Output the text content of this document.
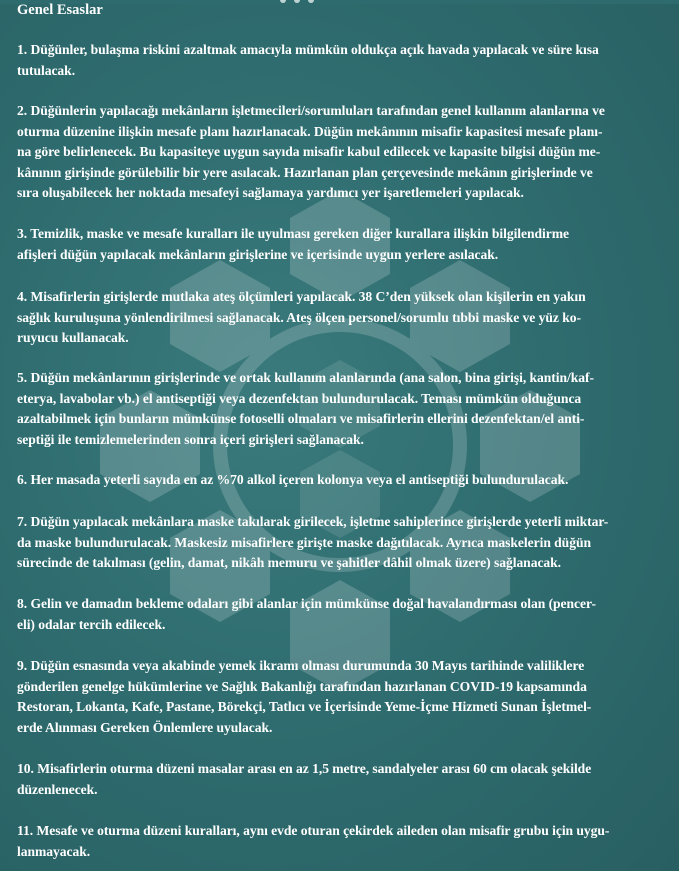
Genel Esaslar

1. Düğünler, bulaşma riskini azaltmak amacıyla mümkün oldukça açık havada yapılacak ve süre kısa
tutulacak.
2. Düğünlerin yapılacağı mekânların işletmecileri/sorumluları tarafından genel kullanım alanlarına ve
oturma düzenine ilişkin mesafe planı hazırlanacak. Düğün mekânının misafir kapasitesi mesafe planı-
na göre belirlenecek. Bu kapasiteye uygun sayıda misafir kabul edilecek ve kapasite bilgisi düğün me-
kânının girişinde görülebilir bir yere asılacak. Hazırlanan plan çerçevesinde mekânın girişlerinde ve
sıra oluşabilecek her noktada mesafeyi sağlamaya yardımcı yer işaretlemeleri yapılacak.
3. Temizlik, maske ve mesafe kuralları ile uyulması gereken diğer kurallara ilişkin bilgilendirme
afişleri düğün yapılacak mekânların girişlerine ve içerisinde uygun yerlere asılacak.
4. Misafirlerin girişlerde mutlaka ateş ölçümleri yapılacak. 38 C’den yüksek olan kişilerin en yakın
sağlık kuruluşuna yönlendirilmesi sağlanacak. Ateş ölçen personel/sorumlu tıbbi maske ve yüz ko-
ruyucu kullanacak.
5. Düğün mekânlarının girişlerinde ve ortak kullanım alanlarında (ana salon, bina girişi, kantin/kaf-
eterya, lavabolar vb.) el antiseptiği veya dezenfektan bulundurulacak. Teması mümkün olduğunca
azaltabilmek için bunların mümkünse fotoselli olmaları ve misafirlerin ellerini dezenfektan/el anti-
septiği ile temizlemelerinden sonra içeri girişleri sağlanacak.
6. Her masada yeterli sayıda en az %70 alkol içeren kolonya veya el antiseptiği bulundurulacak.
7. Düğün yapılacak mekânlara maske takılarak girilecek, işletme sahiplerince girişlerde yeterli miktar-
da maske bulundurulacak. Maskesiz misafirlere girişte maske dağıtılacak. Ayrıca maskelerin düğün
sürecinde de takılması (gelin, damat, nikâh memuru ve şahitler dâhil olmak üzere) sağlanacak.
8. Gelin ve damadın bekleme odaları gibi alanlar için mümkünse doğal havalandırması olan (pencer-
eli) odalar tercih edilecek.
9. Düğün esnasında veya akabinde yemek ikramı olması durumunda 30 Mayıs tarihinde valiliklere
gönderilen genelge hükümlerine ve Sağlık Bakanlığı tarafından hazırlanan COVID-19 kapsamında
Restoran, Lokanta, Kafe, Pastane, Börekçi, Tatlıcı ve İçerisinde Yeme-İçme Hizmeti Sunan İşletmel-
erde Alınması Gereken Önlemlere uyulacak.
10. Misafirlerin oturma düzeni masalar arası en az 1,5 metre, sandalyeler arası 60 cm olacak şekilde
düzenlenecek.
11. Mesafe ve oturma düzeni kuralları, aynı evde oturan çekirdek aileden olan misafir grubu için uygu-
lanmayacak.
